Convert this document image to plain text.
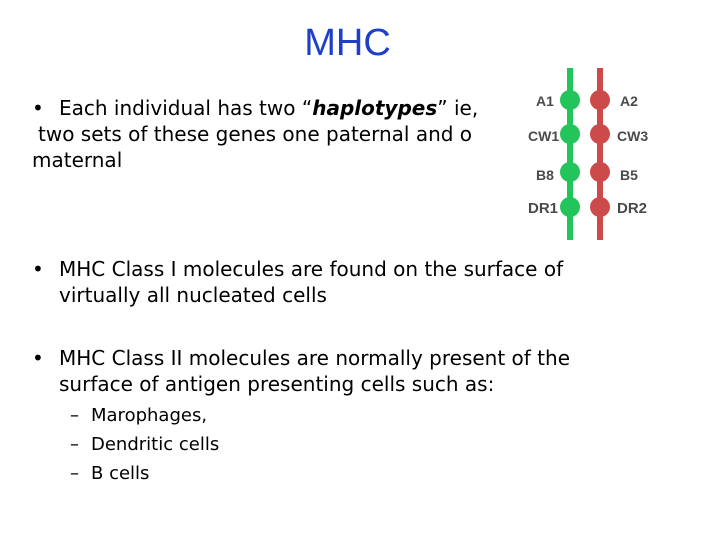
MHC
• Each individual has two “haplotypes” ie,
two sets of these genes one paternal and o
maternal
A1
CW1
B8
DR1
A2
CW3
B5
DR2
• MHC Class I molecules are found on the surface of
virtually all nucleated cells
• MHC Class II molecules are normally present of the
surface of antigen presenting cells such as:
– Marophages,
– Dendritic cells
– B cells
